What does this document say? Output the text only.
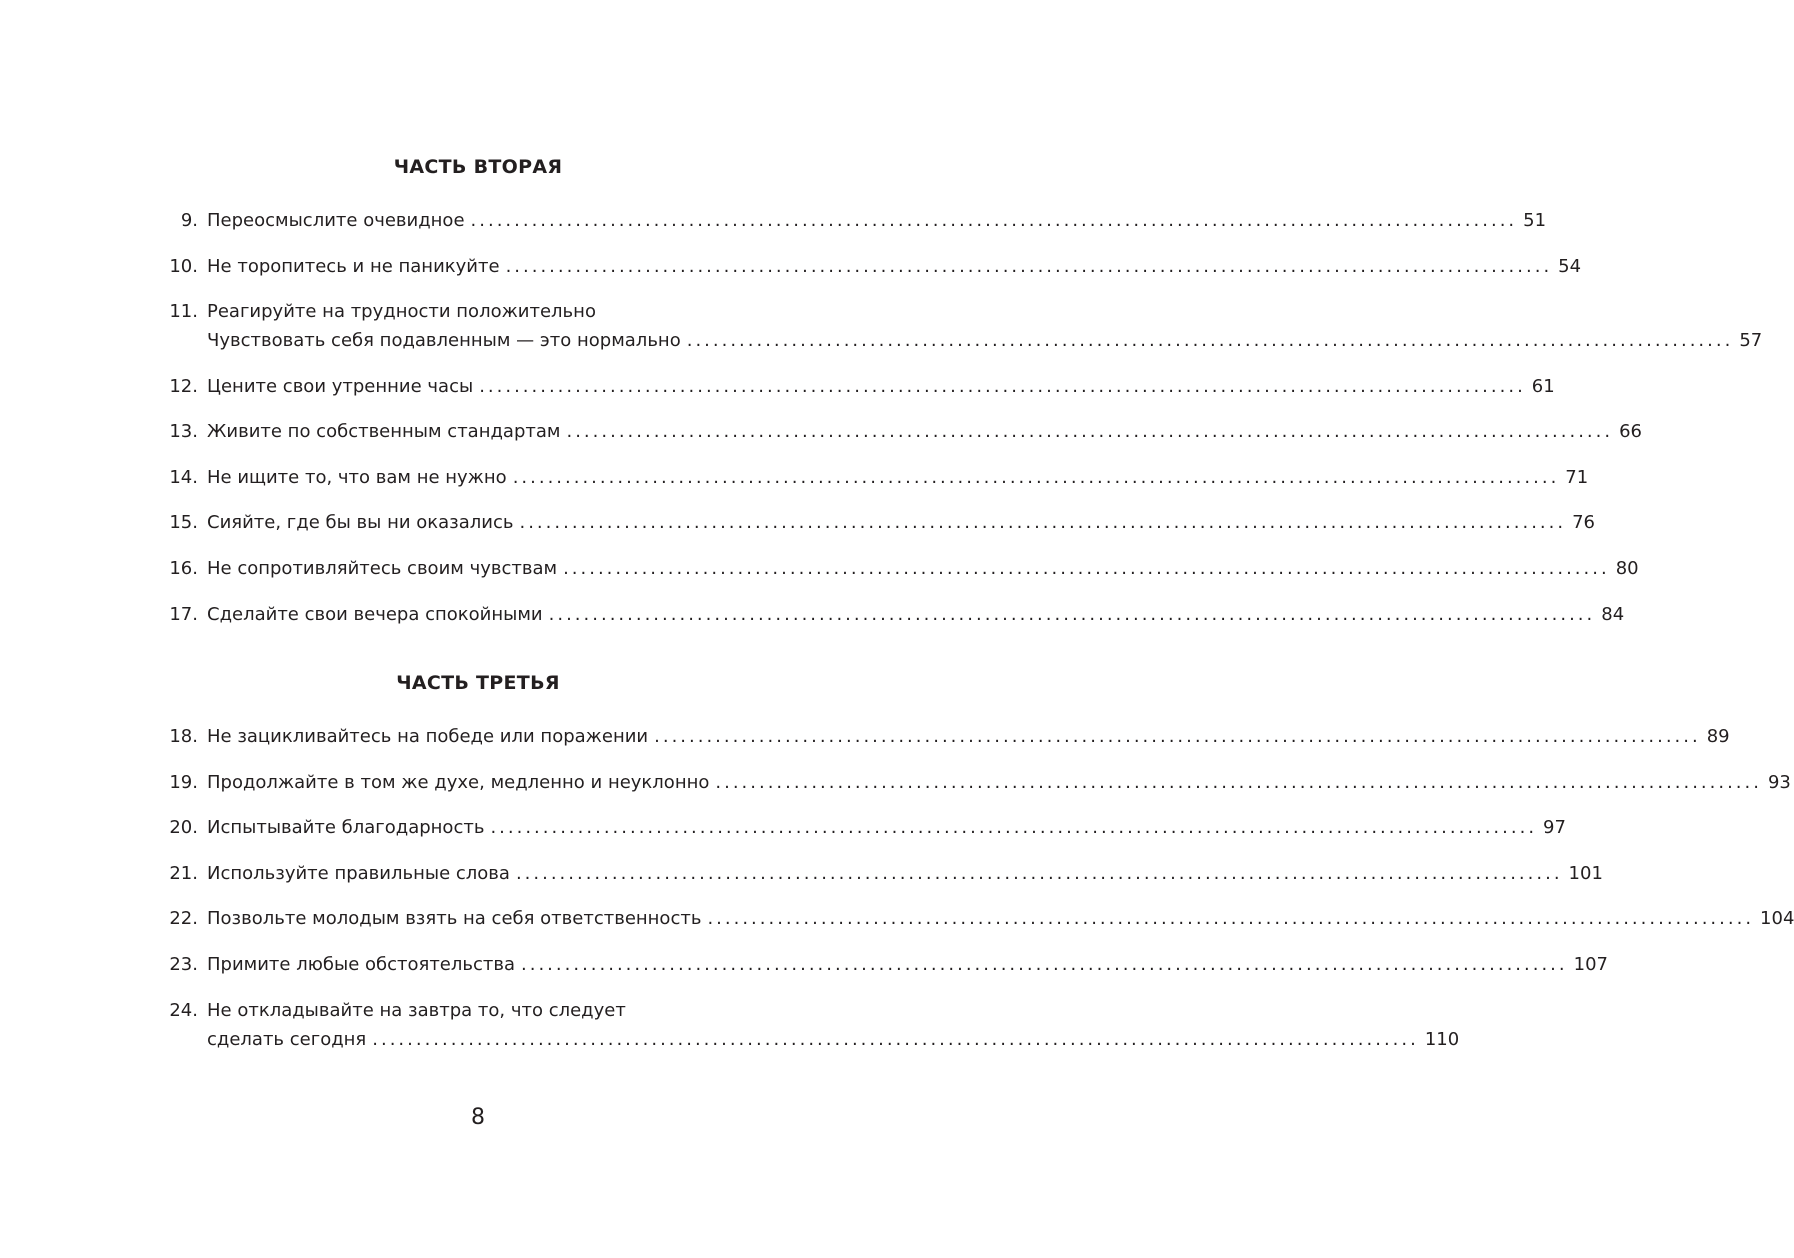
ЧАСТЬ ВТОРАЯ
9. Переосмыслите очевидное ........................................................................................................................ 51
10. Не торопитесь и не паникуйте ........................................................................................................................ 54
11. Реагируйте на трудности положительно
Чувствовать себя подавленным — это нормально ........................................................................................................................ 57
12. Цените свои утренние часы ........................................................................................................................ 61
13. Живите по собственным стандартам ........................................................................................................................ 66
14. Не ищите то, что вам не нужно ........................................................................................................................ 71
15. Сияйте, где бы вы ни оказались ........................................................................................................................ 76
16. Не сопротивляйтесь своим чувствам ........................................................................................................................ 80
17. Сделайте свои вечера спокойными ........................................................................................................................ 84
ЧАСТЬ ТРЕТЬЯ
18. Не зацикливайтесь на победе или поражении ........................................................................................................................ 89
19. Продолжайте в том же духе, медленно и неуклонно ........................................................................................................................ 93
20. Испытывайте благодарность ........................................................................................................................ 97
21. Используйте правильные слова ........................................................................................................................ 101
22. Позвольте молодым взять на себя ответственность ........................................................................................................................ 104
23. Примите любые обстоятельства ........................................................................................................................ 107
24. Не откладывайте на завтра то, что следует
сделать сегодня ........................................................................................................................ 110

8
